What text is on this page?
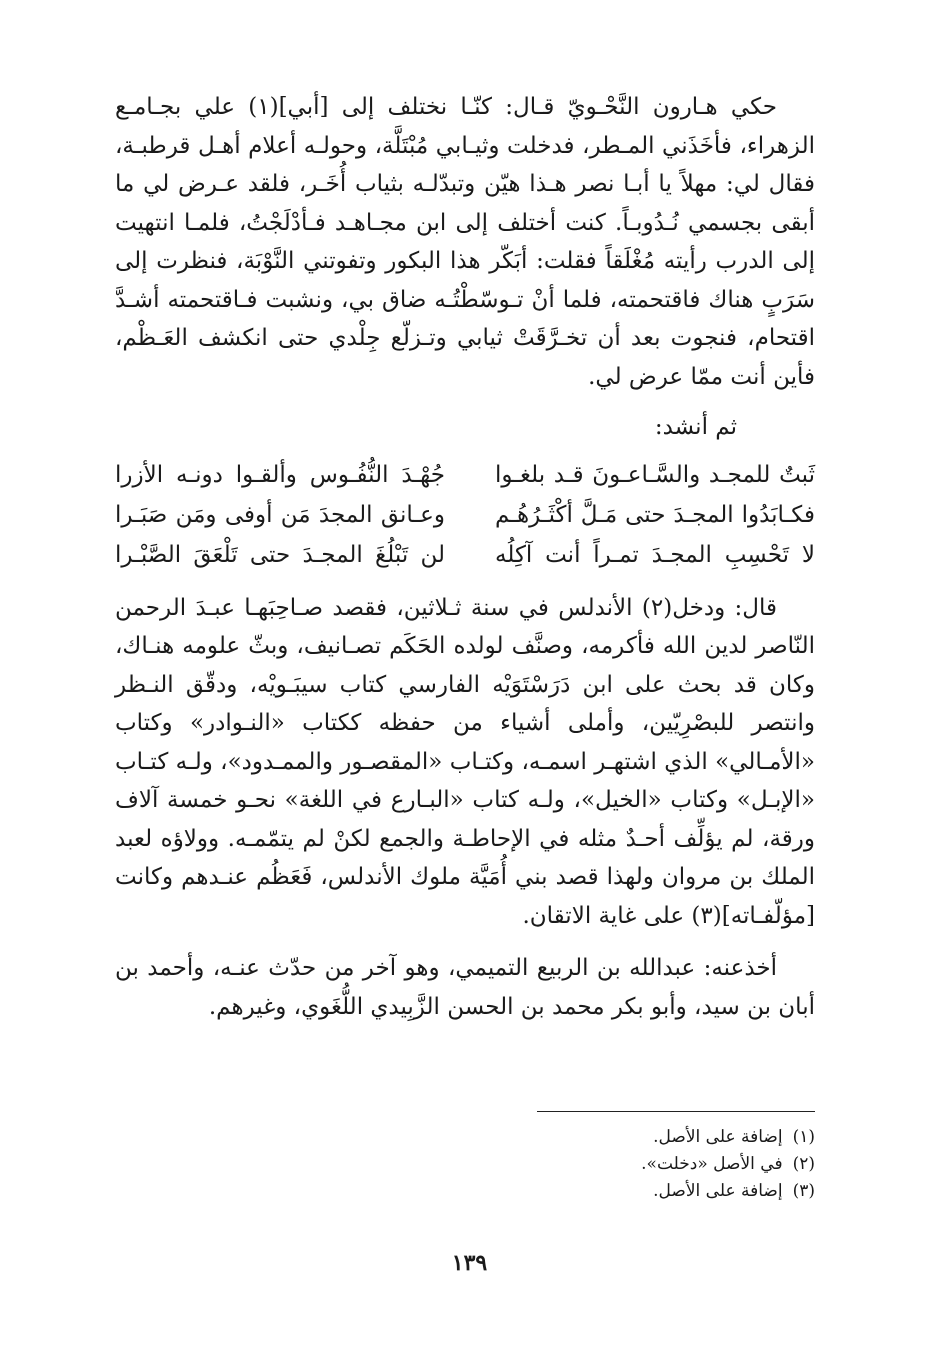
حكي هـارون النَّحْـويّ قـال: كنّـا نختلف إلى [أبي](١) علي بجـامـع الزهراء، فأخَذَني المـطر، فدخلت وثيـابي مُبْتَلَّة، وحولـه أعلام أهـل قرطبـة، فقال لي: مهلاً يا أبـا نصر هـذا هيّن وتبدّلـه بثياب أُخَـر، فلقد عـرض لي ما أبقى بجسمي نُـدُوبـاً. كنت أختلف إلى ابن مجـاهـد فـأدْلَجْتُ، فلمـا انتهيت إلى الدرب رأيته مُغْلَقاً فقلت: أبَكّر هذا البكور وتفوتني النَّوْبَة، فنظرت إلى سَرَبٍ هناك فاقتحمته، فلما أنْ تـوسّطْتُـه ضاق بي، ونشبت فـاقتحمته أشـدَّ اقتحام، فنجوت بعد أن تخـرَّقَتْ ثيابي وتـزلّع جِلْدي حتى انكشف العَـظْم، فأين أنت ممّا عرض لي.

ثم أنشد:

ثَبتٌ للمجـد والسَّـاعـونَ قـد بلغـوا
جُهْـدَ النُّفُـوس وألقـوا دونـه الأزرا
فكـابَدُوا المجـدَ حتى مَـلَّ أكْثَـرُهُـم
وعـانق المجدَ مَن أوفى ومَن صَبَـرا
لا تَحْسِبِ المجـدَ تمـراً أنت آكِلُه
لن تَبْلُغَ المجـدَ حتى تَلْعَقَ الصَّبْـرا

قال: ودخل(٢) الأندلس في سنة ثـلاثين، فقصد صـاحِبَهـا عبـدَ الرحمن النّاصر لدين الله فأكرمه، وصنَّف لولده الحَكَم تصـانيف، وبثّ علومه هنـاك، وكان قد بحث على ابن دَرَسْتَوَيْه الفارسي كتاب سيبَـويْه، ودقّق النـظر وانتصر للبصْرِيّين، وأملى أشياء من حفظه ككتاب «النـوادر» وكتاب «الأمـالي» الذي اشتهـر اسمـه، وكتـاب «المقصـور والممـدود»، ولـه كتـاب «الإبـل» وكتاب «الخيل»، ولـه كتاب «البـارع في اللغة» نحـو خمسة آلاف ورقة، لم يؤلِّف أحـدٌ مثله في الإحاطـة والجمع لكنْ لم يتمّمـه. وولاؤه لعبد الملك بن مروان ولهذا قصد بني أُمَيَّة ملوك الأندلس، فَعَظُم عنـدهم وكانت [مؤلّفـاته](٣) على غاية الاتقان.

أخذعنه: عبدالله بن الربيع التميمي، وهو آخر من حدّث عنـه، وأحمد بن أبان بن سيد، وأبو بكر محمد بن الحسن الزَّبِيدي اللُّغَوي، وغيرهم.

(١)إضافة على الأصل.
(٢)في الأصل «دخلت».
(٣)إضافة على الأصل.
١٣٩
